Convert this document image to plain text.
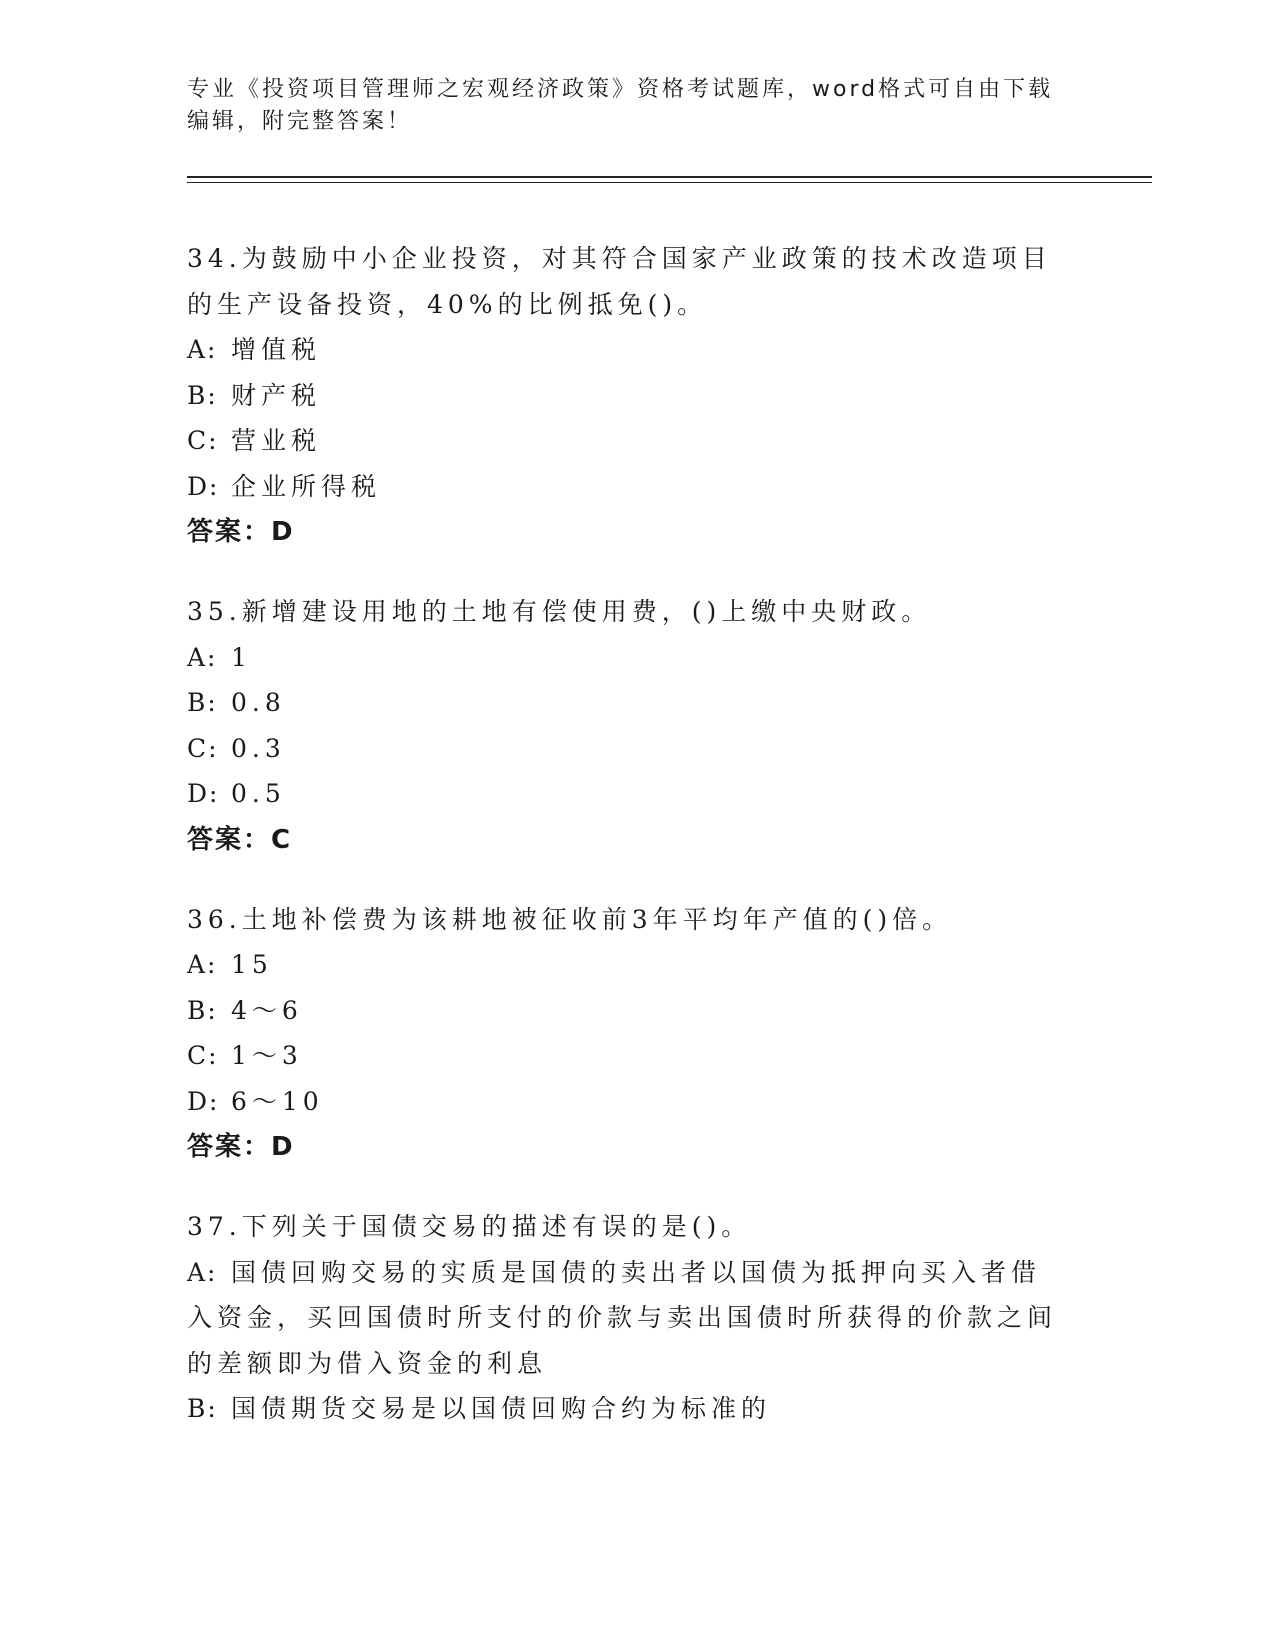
专业《投资项目管理师之宏观经济政策》资格考试题库，word格式可自由下载编辑，附完整答案！
34.为鼓励中小企业投资，对其符合国家产业政策的技术改造项目的生产设备投资，40%的比例抵免()。
A: 增值税
B: 财产税
C: 营业税
D: 企业所得税
答案：D
35.新增建设用地的土地有偿使用费，()上缴中央财政。
A: 1
B: 0.8
C: 0.3
D: 0.5
答案：C
36.土地补偿费为该耕地被征收前3年平均年产值的()倍。
A: 15
B: 4～6
C: 1～3
D: 6～10
答案：D
37.下列关于国债交易的描述有误的是()。
A: 国债回购交易的实质是国债的卖出者以国债为抵押向买入者借入资金，买回国债时所支付的价款与卖出国债时所获得的价款之间的差额即为借入资金的利息
B: 国债期货交易是以国债回购合约为标准的
